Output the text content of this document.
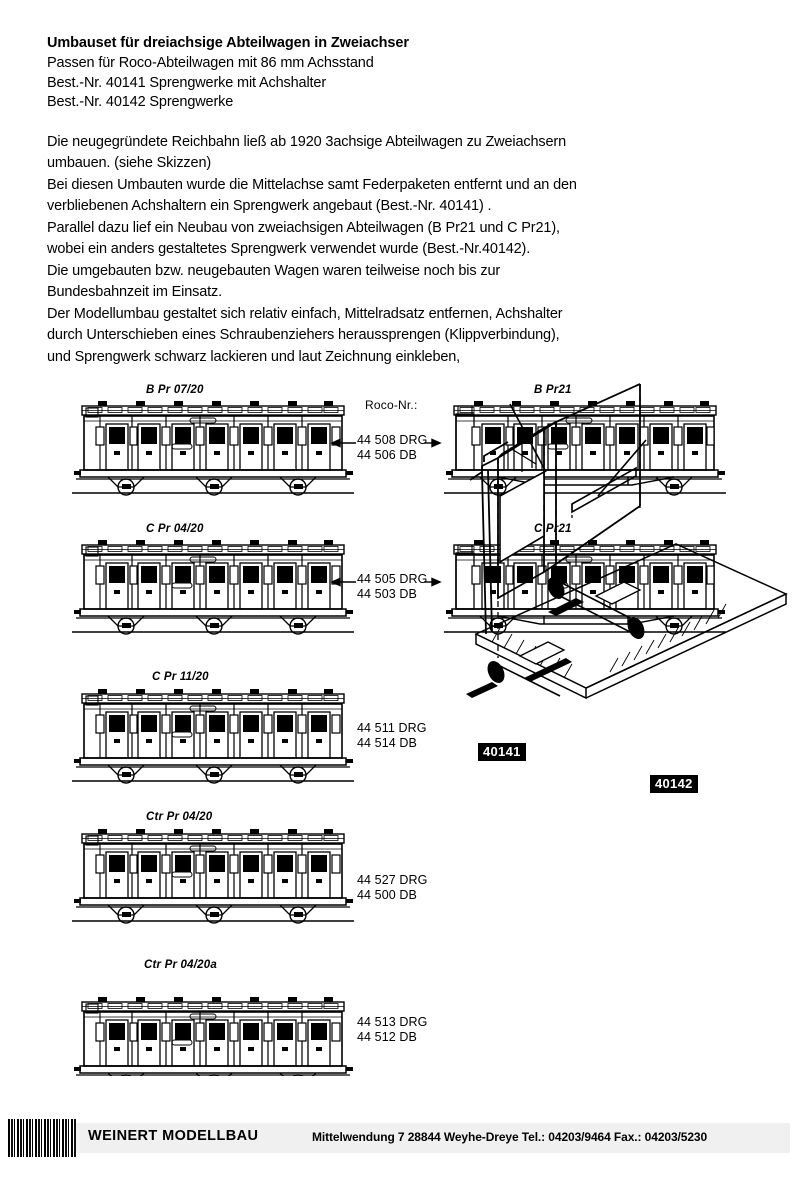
Umbauset für dreiachsige Abteilwagen in Zweiachser
Passen für Roco-Abteilwagen mit 86 mm Achsstand
Best.-Nr. 40141 Sprengwerke mit Achshalter
Best.-Nr. 40142 Sprengwerke
Die neugegründete Reichbahn ließ ab 1920 3achsige Abteilwagen zu Zweiachsern
umbauen. (siehe Skizzen)
Bei diesen Umbauten wurde die Mittelachse samt Federpaketen entfernt und an den
verbliebenen Achshaltern ein Sprengwerk angebaut (Best.-Nr. 40141) .
Parallel dazu lief ein Neubau von zweiachsigen Abteilwagen (B Pr21 und C Pr21),
wobei ein anders gestaltetes Sprengwerk verwendet wurde (Best.-Nr.40142).
Die umgebauten bzw. neugebauten Wagen waren teilweise noch bis zur
Bundesbahnzeit im Einsatz.
Der Modellumbau gestaltet sich relativ einfach, Mittelradsatz entfernen, Achshalter
durch Unterschieben eines Schraubenziehers heraussprengen (Klippverbindung),
und Sprengwerk schwarz lackieren und laut Zeichnung einkleben,
B Pr 07/20	B Pr21
Roco-Nr.:
44 508 DRG
44 506 DB
C Pr 04/20	C Pr21
44 505 DRG
44 503 DB
C Pr 11/20
44 511 DRG
44 514 DB
Ctr Pr 04/20
44 527 DRG
44 500 DB
Ctr Pr 04/20a
44 513 DRG
44 512 DB
40141
40142
WEINERT MODELLBAU	Mittelwendung 7 28844 Weyhe-Dreye Tel.: 04203/9464 Fax.: 04203/5230
